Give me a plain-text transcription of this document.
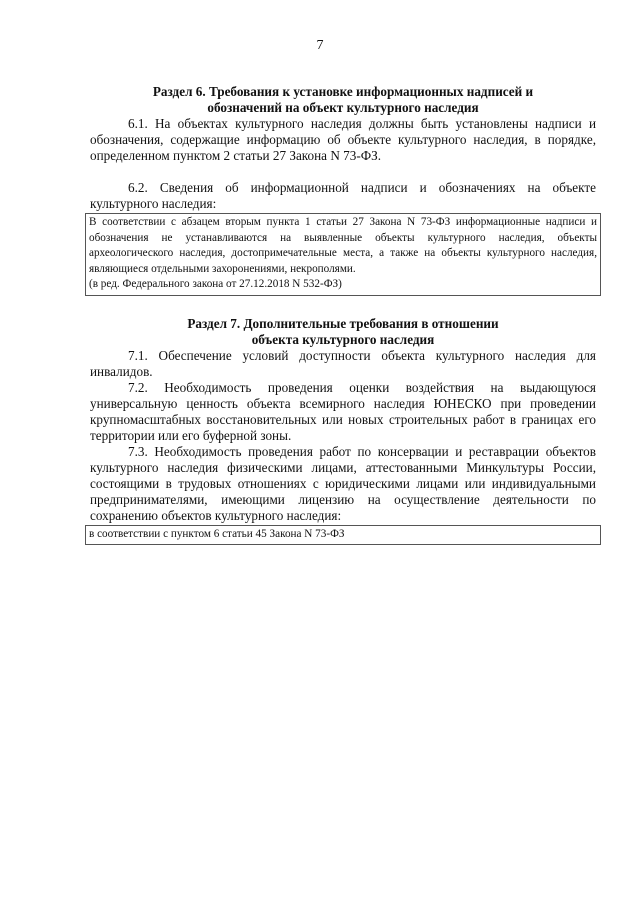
7
Раздел 6. Требования к установке информационных надписей и
обозначений на объект культурного наследия

6.1. На объектах культурного наследия должны быть установлены надписи и обозначения, содержащие информацию об объекте культурного наследия, в порядке, определенном пунктом 2 статьи 27 Закона N 73-ФЗ.

6.2. Сведения об информационной надписи и обозначениях на объекте культурного наследия:

В соответствии с абзацем вторым пункта 1 статьи 27 Закона N 73-ФЗ информационные надписи и обозначения не устанавливаются на выявленные объекты культурного наследия, объекты археологического наследия, достопримечательные места, а также на объекты культурного наследия, являющиеся отдельными захоронениями, некрополями.
(в ред. Федерального закона от 27.12.2018 N 532-ФЗ)
Раздел 7. Дополнительные требования в отношении
объекта культурного наследия

7.1. Обеспечение условий доступности объекта культурного наследия для инвалидов.

7.2. Необходимость проведения оценки воздействия на выдающуюся универсальную ценность объекта всемирного наследия ЮНЕСКО при проведении крупномасштабных восстановительных или новых строительных работ в границах его территории или его буферной зоны.

7.3. Необходимость проведения работ по консервации и реставрации объектов культурного наследия физическими лицами, аттестованными Минкультуры России, состоящими в трудовых отношениях с юридическими лицами или индивидуальными предпринимателями, имеющими лицензию на осуществление деятельности по сохранению объектов культурного наследия:

в соответствии с пунктом 6 статьи 45 Закона N 73-ФЗ
